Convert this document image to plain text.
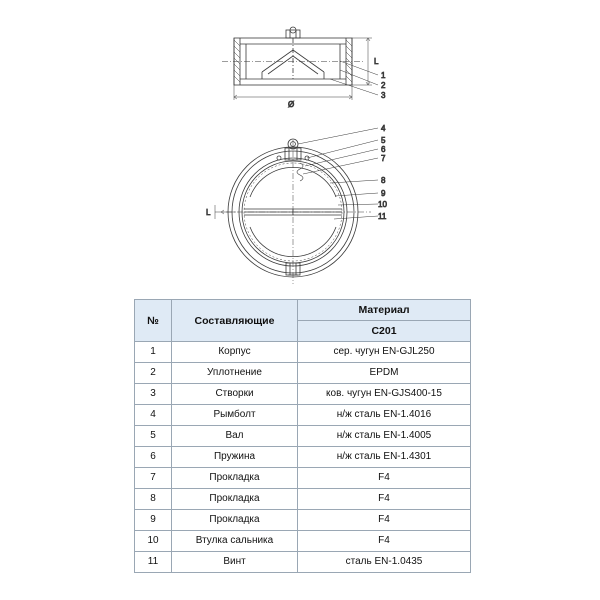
L
Ø
1
2
3
L
4
5
6
7
8
9
10
11
№	Составляющие	Материал
		C201
1	Корпус	сер. чугун EN-GJL250
2	Уплотнение	EPDM
3	Створки	ков. чугун EN-GJS400-15
4	Рымболт	н/ж сталь EN-1.4016
5	Вал	н/ж сталь EN-1.4005
6	Пружина	н/ж сталь EN-1.4301
7	Прокладка	F4
8	Прокладка	F4
9	Прокладка	F4
10	Втулка сальника	F4
11	Винт	сталь EN-1.0435
